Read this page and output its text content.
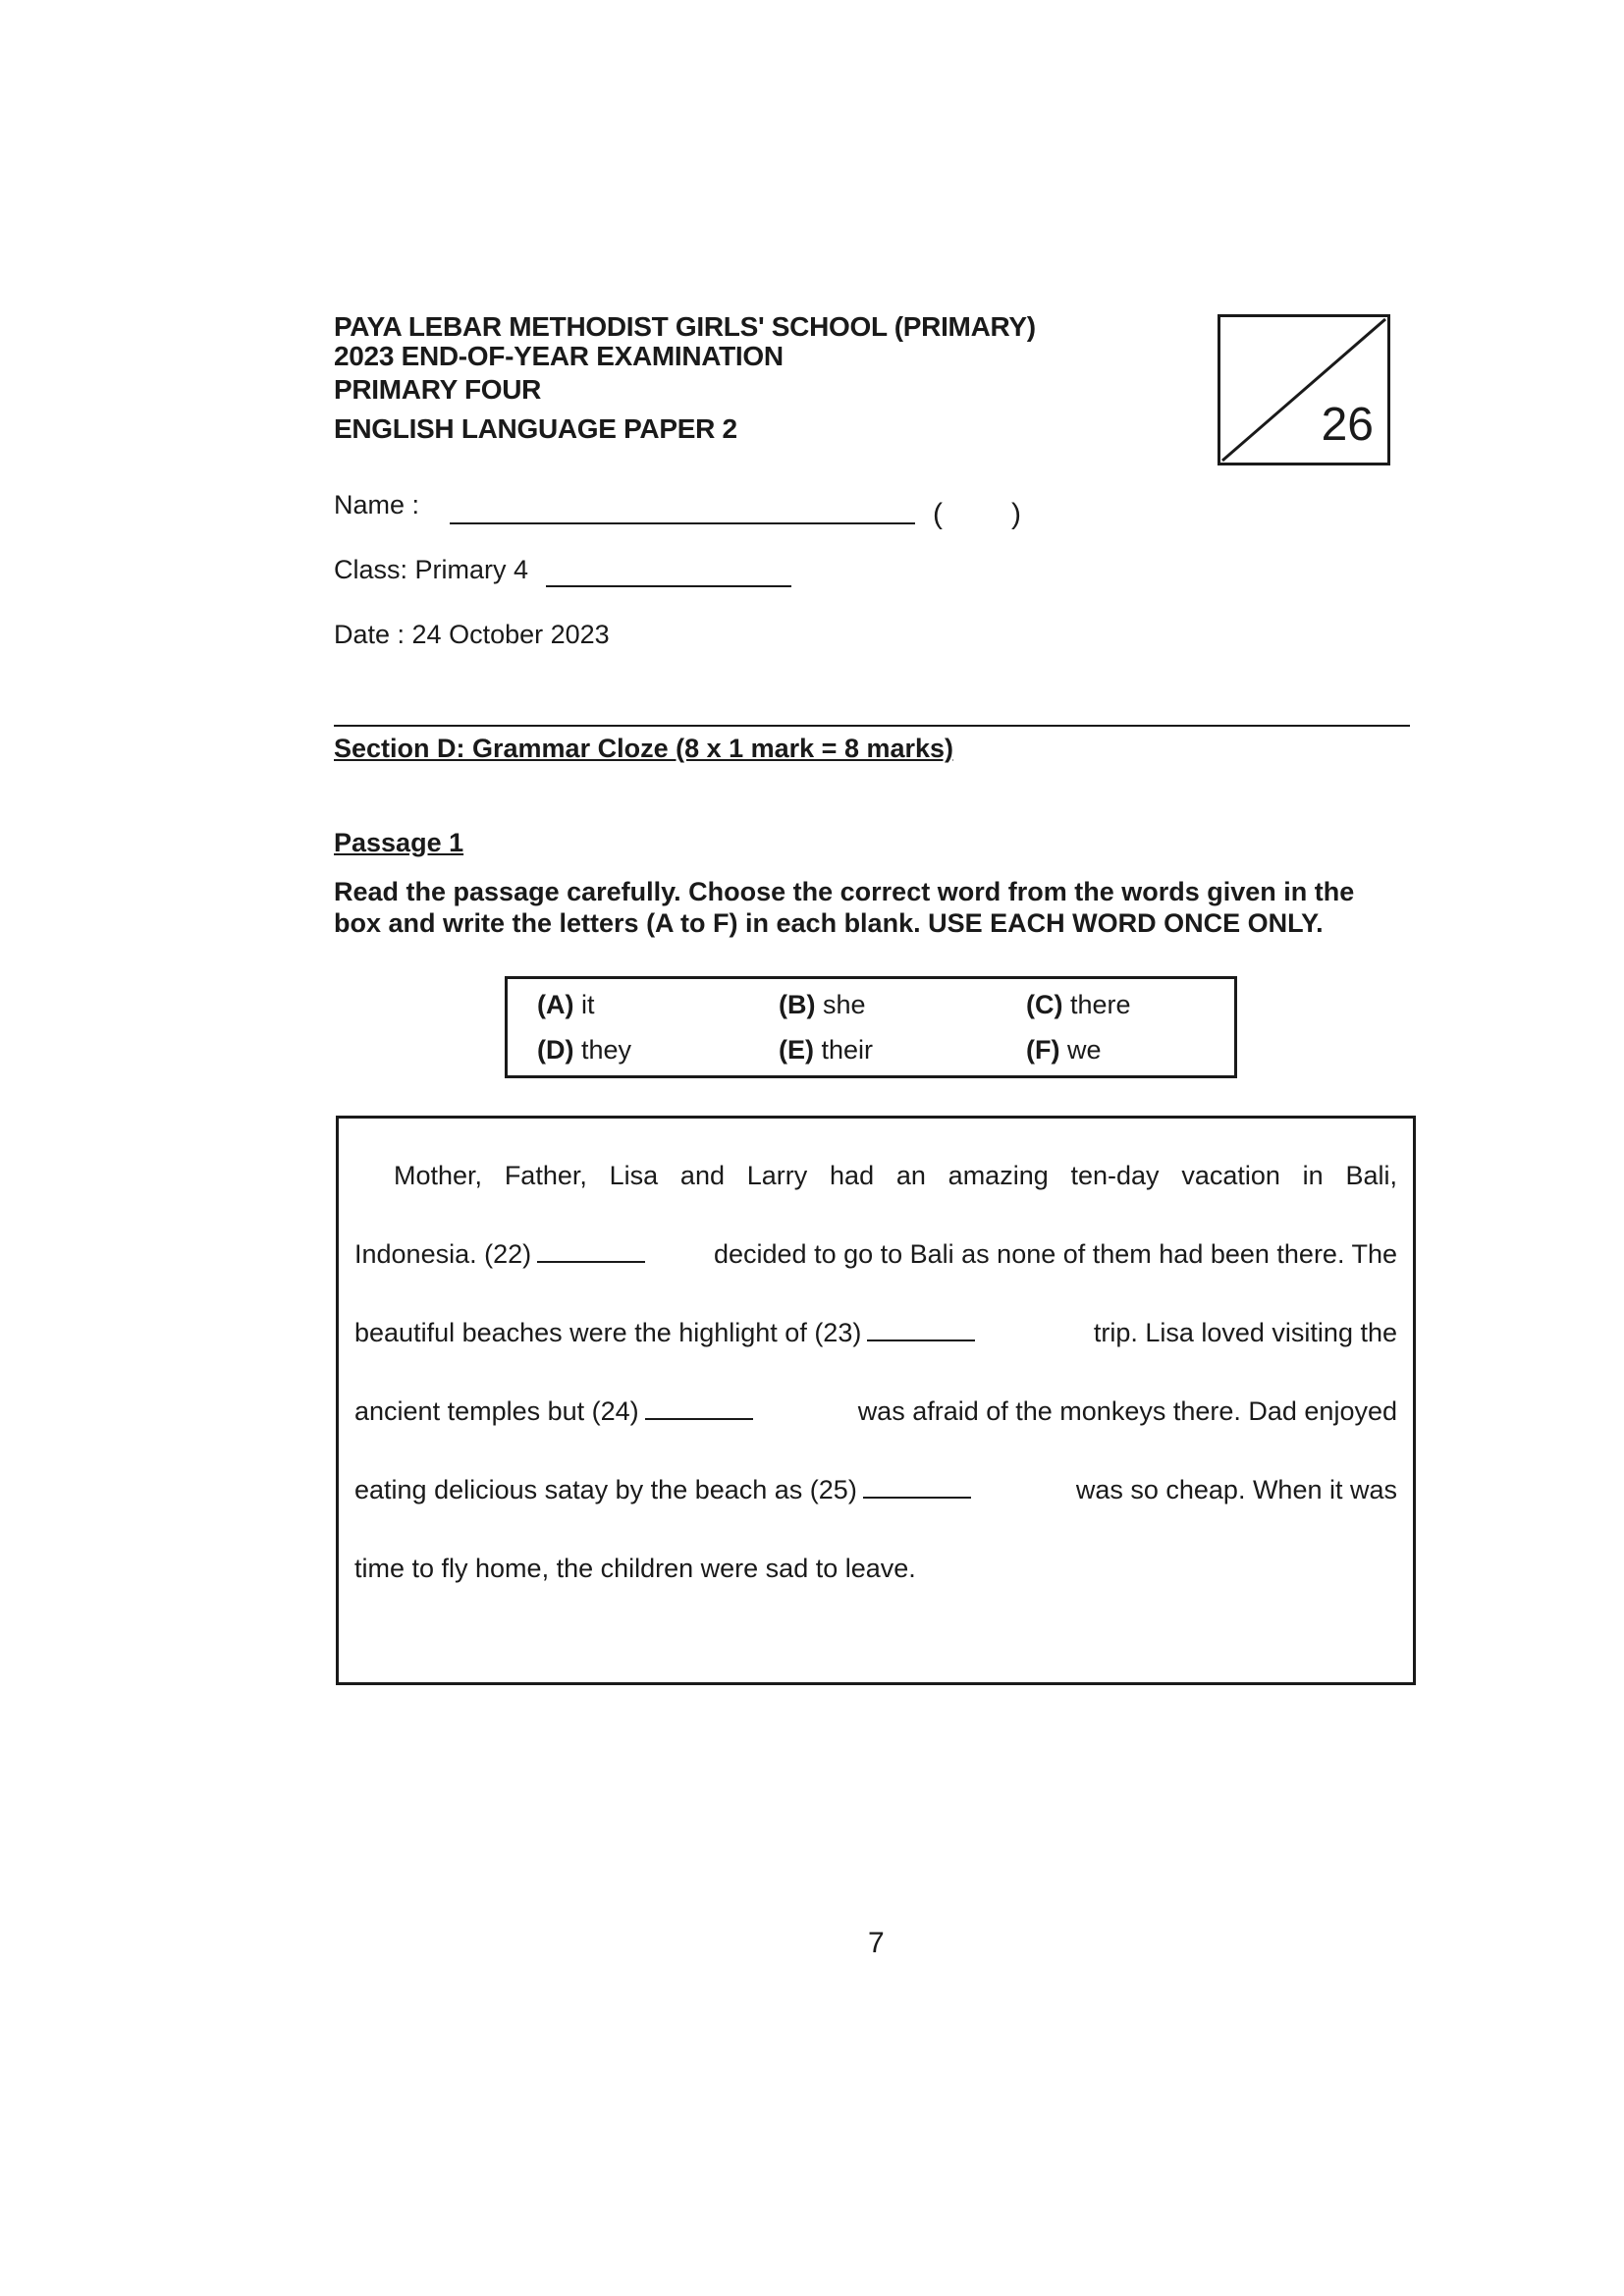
PAYA LEBAR METHODIST GIRLS' SCHOOL (PRIMARY)
2023 END-OF-YEAR EXAMINATION
PRIMARY FOUR
ENGLISH LANGUAGE PAPER 2	26
Name :	( )
Class: Primary 4
Date : 24 October 2023
Section D: Grammar Cloze (8 x 1 mark = 8 marks)
Passage 1
Read the passage carefully. Choose the correct word from the words given in the
box and write the letters (A to F) in each blank. USE EACH WORD ONCE ONLY.
(A) it	(B) she	(C) there
(D) they	(E) their	(F) we
Mother, Father, Lisa and Larry had an amazing ten-day vacation in Bali,
Indonesia. (22)	decided to go to Bali as none of them had been there. The
beautiful beaches were the highlight of (23)	trip. Lisa loved visiting the
ancient temples but (24)	was afraid of the monkeys there. Dad enjoyed
eating delicious satay by the beach as (25)	was so cheap. When it was
time to fly home, the children were sad to leave.
7
